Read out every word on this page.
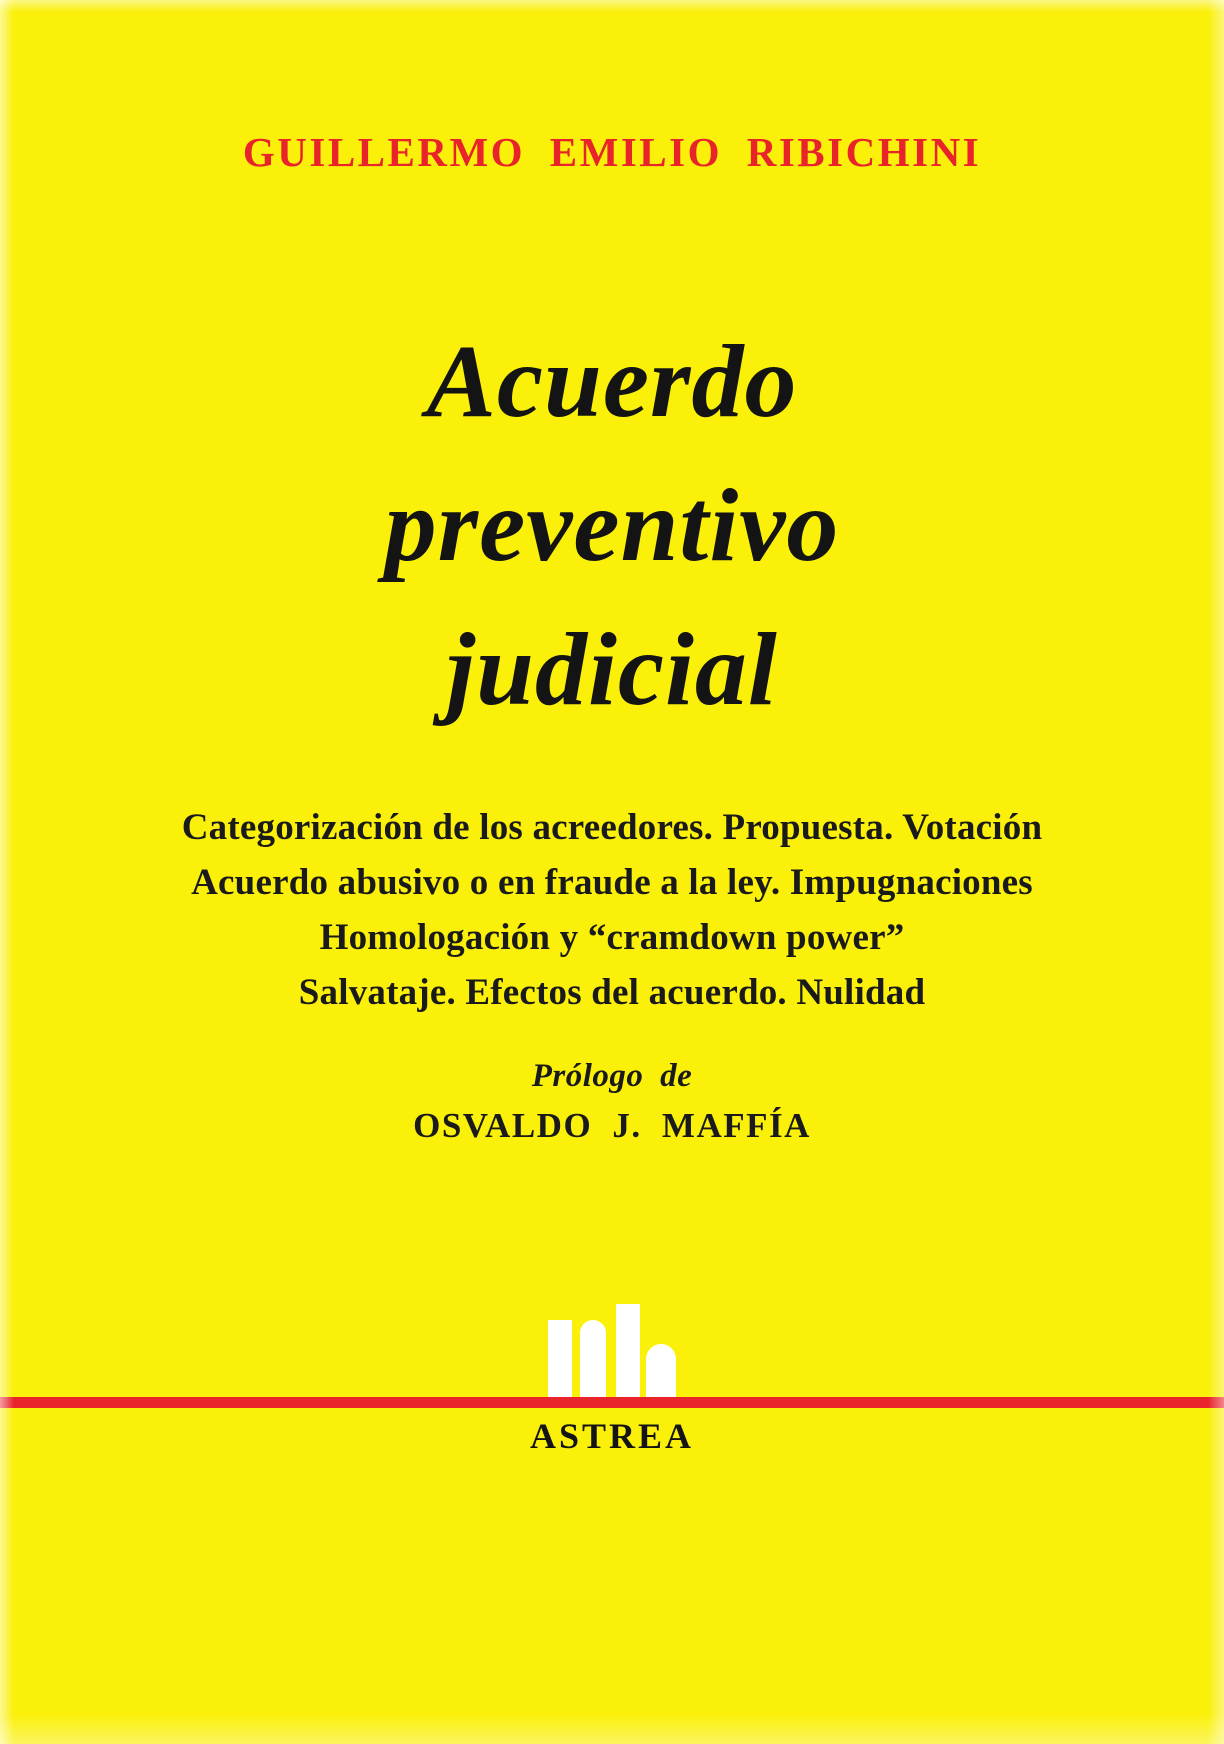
GUILLERMO EMILIO RIBICHINI
Acuerdo
preventivo
judicial
Categorización de los acreedores. Propuesta. Votación
Acuerdo abusivo o en fraude a la ley. Impugnaciones
Homologación y “cramdown power”
Salvataje. Efectos del acuerdo. Nulidad
Prólogo de
OSVALDO J. MAFFÍA
ASTREA
